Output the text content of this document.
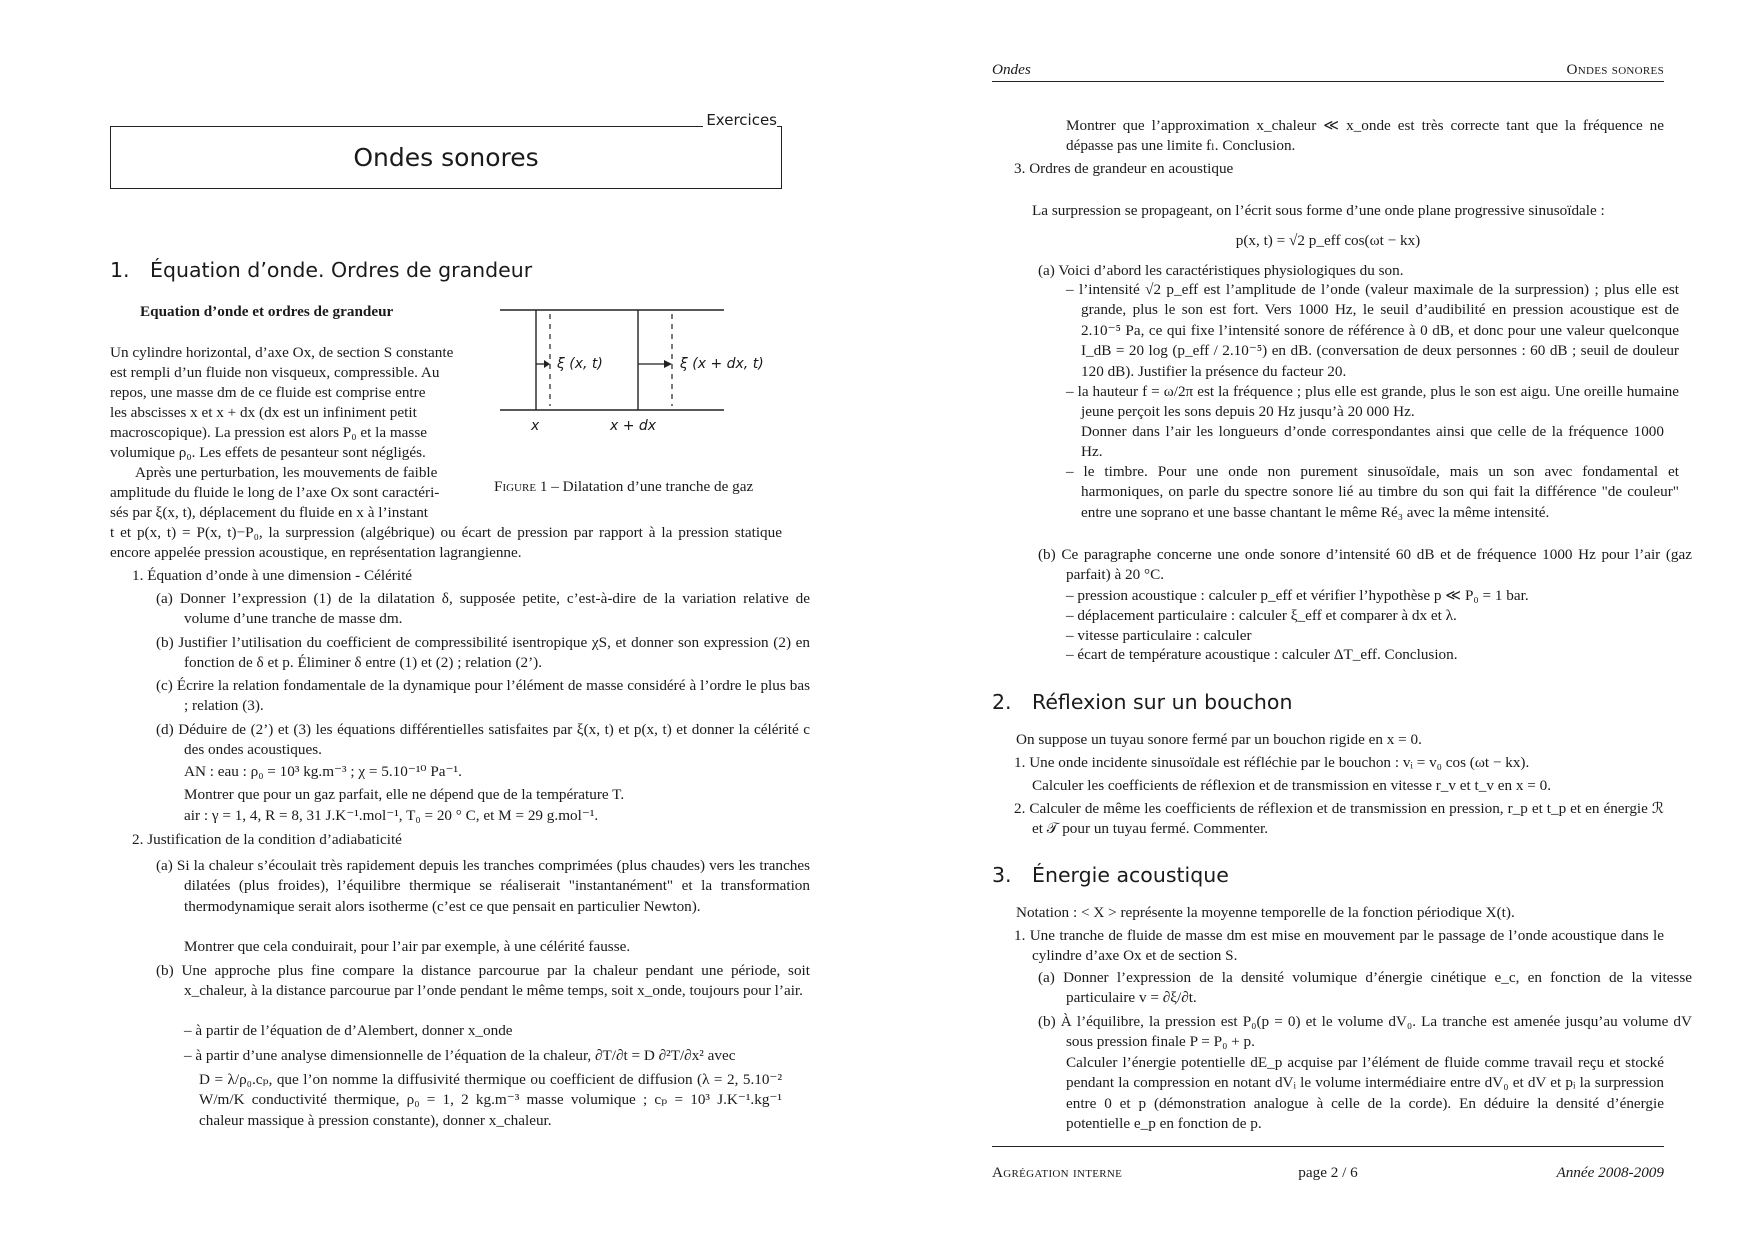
Exercices
Ondes sonores
1. Équation d’onde. Ordres de grandeur
Equation d’onde et ordres de grandeur
ξ (x, t)	ξ (x + dx, t)
x	x + dx
Figure 1 – Dilatation d’une tranche de gaz
Un cylindre horizontal, d’axe Ox, de section S constante
est rempli d’un fluide non visqueux, compressible. Au
repos, une masse dm de ce fluide est comprise entre
les abscisses x et x + dx (dx est un infiniment petit
macroscopique). La pression est alors P₀ et la masse
volumique ρ₀. Les effets de pesanteur sont négligés.
Après une perturbation, les mouvements de faible
amplitude du fluide le long de l’axe Ox sont caractéri-
sés par ξ(x, t), déplacement du fluide en x à l’instant
t et p(x, t) = P(x, t)−P₀, la surpression (algébrique) ou écart de pression par rapport à la pression statique encore appelée pression acoustique, en représentation lagrangienne.
1. Équation d’onde à une dimension - Célérité
(a) Donner l’expression (1) de la dilatation δ, supposée petite, c’est-à-dire de la variation relative de volume d’une tranche de masse dm.
(b) Justifier l’utilisation du coefficient de compressibilité isentropique χS, et donner son expression (2) en fonction de δ et p. Éliminer δ entre (1) et (2) ; relation (2’).
(c) Écrire la relation fondamentale de la dynamique pour l’élément de masse considéré à l’ordre le plus bas ; relation (3).
(d) Déduire de (2’) et (3) les équations différentielles satisfaites par ξ(x, t) et p(x, t) et donner la célérité c des ondes acoustiques.
AN : eau : ρ₀ = 10³ kg.m⁻³ ; χ = 5.10⁻¹⁰ Pa⁻¹.
Montrer que pour un gaz parfait, elle ne dépend que de la température T.
air : γ = 1, 4, R = 8, 31 J.K⁻¹.mol⁻¹, T₀ = 20 ° C, et M = 29 g.mol⁻¹.
2. Justification de la condition d’adiabaticité
(a) Si la chaleur s’écoulait très rapidement depuis les tranches comprimées (plus chaudes) vers les tranches dilatées (plus froides), l’équilibre thermique se réaliserait "instantanément" et la transformation thermodynamique serait alors isotherme (c’est ce que pensait en particulier Newton).
Montrer que cela conduirait, pour l’air par exemple, à une célérité fausse.
(b) Une approche plus fine compare la distance parcourue par la chaleur pendant une période, soit x_chaleur, à la distance parcourue par l’onde pendant le même temps, soit x_onde, toujours pour l’air.
– à partir de l’équation de d’Alembert, donner x_onde
– à partir d’une analyse dimensionnelle de l’équation de la chaleur, ∂T/∂t = D ∂²T/∂x² avec
D = λ/ρ₀.cₚ, que l’on nomme la diffusivité thermique ou coefficient de diffusion (λ = 2, 5.10⁻² W/m/K conductivité thermique, ρ₀ = 1, 2 kg.m⁻³ masse volumique ; cₚ = 10³ J.K⁻¹.kg⁻¹ chaleur massique à pression constante), donner x_chaleur.
Ondes	Ondes sonores
Montrer que l’approximation x_chaleur ≪ x_onde est très correcte tant que la fréquence ne dépasse pas une limite fₗ. Conclusion.
3. Ordres de grandeur en acoustique
La surpression se propageant, on l’écrit sous forme d’une onde plane progressive sinusoïdale :
p(x, t) = √2 p_eff cos(ωt − kx)
(a) Voici d’abord les caractéristiques physiologiques du son.
– l’intensité √2 p_eff est l’amplitude de l’onde (valeur maximale de la surpression) ; plus elle est grande, plus le son est fort. Vers 1000 Hz, le seuil d’audibilité en pression acoustique est de 2.10⁻⁵ Pa, ce qui fixe l’intensité sonore de référence à 0 dB, et donc pour une valeur quelconque I_dB = 20 log (p_eff / 2.10⁻⁵) en dB. (conversation de deux personnes : 60 dB ; seuil de douleur 120 dB). Justifier la présence du facteur 20.
– la hauteur f = ω/2π est la fréquence ; plus elle est grande, plus le son est aigu. Une oreille humaine jeune perçoit les sons depuis 20 Hz jusqu’à 20 000 Hz.
Donner dans l’air les longueurs d’onde correspondantes ainsi que celle de la fréquence 1000 Hz.
– le timbre. Pour une onde non purement sinusoïdale, mais un son avec fondamental et harmoniques, on parle du spectre sonore lié au timbre du son qui fait la différence "de couleur" entre une soprano et une basse chantant le même Ré₃ avec la même intensité.
(b) Ce paragraphe concerne une onde sonore d’intensité 60 dB et de fréquence 1000 Hz pour l’air (gaz parfait) à 20 °C.
– pression acoustique : calculer p_eff et vérifier l’hypothèse p ≪ P₀ = 1 bar.
– déplacement particulaire : calculer ξ_eff et comparer à dx et λ.
– vitesse particulaire : calculer
– écart de température acoustique : calculer ΔT_eff. Conclusion.
2. Réflexion sur un bouchon
On suppose un tuyau sonore fermé par un bouchon rigide en x = 0.
1. Une onde incidente sinusoïdale est réfléchie par le bouchon : vᵢ = v₀ cos (ωt − kx).
Calculer les coefficients de réflexion et de transmission en vitesse r_v et t_v en x = 0.
2. Calculer de même les coefficients de réflexion et de transmission en pression, r_p et t_p et en énergie ℛ et 𝒯 pour un tuyau fermé. Commenter.
3. Énergie acoustique
Notation : < X > représente la moyenne temporelle de la fonction périodique X(t).
1. Une tranche de fluide de masse dm est mise en mouvement par le passage de l’onde acoustique dans le cylindre d’axe Ox et de section S.
(a) Donner l’expression de la densité volumique d’énergie cinétique e_c, en fonction de la vitesse particulaire v = ∂ξ/∂t.
(b) À l’équilibre, la pression est P₀(p = 0) et le volume dV₀. La tranche est amenée jusqu’au volume dV sous pression finale P = P₀ + p.
Calculer l’énergie potentielle dE_p acquise par l’élément de fluide comme travail reçu et stocké pendant la compression en notant dVᵢ le volume intermédiaire entre dV₀ et dV et pᵢ la surpression entre 0 et p (démonstration analogue à celle de la corde). En déduire la densité d’énergie potentielle e_p en fonction de p.
Agrégation interne	page 2 / 6	Année 2008-2009
